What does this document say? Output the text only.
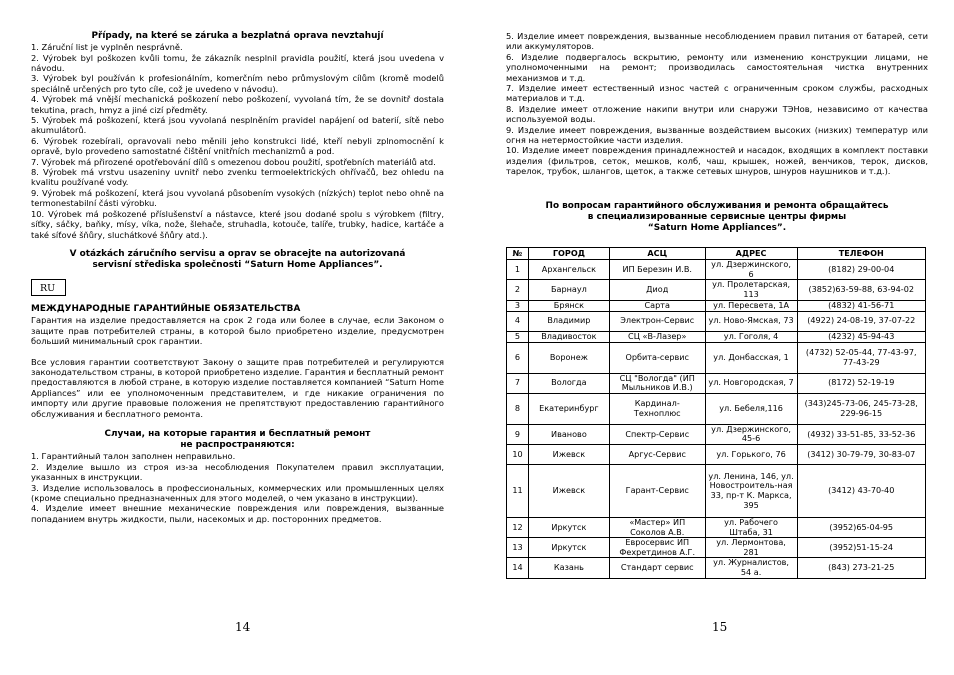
Případy, na které se záruka a bezplatná oprava nevztahují
1. Záruční list je vyplněn nesprávně.
2. Výrobek byl poškozen kvůli tomu, že zákazník nesplnil pravidla použití, která jsou uvedena v návodu.
3. Výrobek byl používán k profesionálním, komerčním nebo průmyslovým cílům (kromě modelů speciálně určených pro tyto cíle, což je uvedeno v návodu).
4. Výrobek má vnější mechanická poškození nebo poškození, vyvolaná tím, že se dovnitř dostala tekutina, prach, hmyz a jiné cizí předměty.
5. Výrobek má poškození, která jsou vyvolaná nesplněním pravidel napájení od baterií, sítě nebo akumulátorů.
6. Výrobek rozebírali, opravovali nebo měnili jeho konstrukci lidé, kteří nebyli zplnomocnění k opravě, bylo provedeno samostatné čištění vnitřních mechanizmů a pod.
7. Výrobek má přirozené opotřebování dílů s omezenou dobou použití, spotřebních materiálů atd.
8. Výrobek má vrstvu usazeniny uvnitř nebo zvenku termoelektrických ohřívačů, bez ohledu na kvalitu používané vody.
9. Výrobek má poškození, která jsou vyvolaná působením vysokých (nízkých) teplot nebo ohně na termonestabilní části výrobku.
10. Výrobek má poškozené příslušenství a nástavce, které jsou dodané spolu s výrobkem (filtry, síťky, sáčky, baňky, mísy, víka, nože, šlehače, struhadla, kotouče, talíře, trubky, hadice, kartáče a také síťové šňůry, sluchátkové šňůry atd.).
V otázkách záručního servisu a oprav se obracejte na autorizovaná servisní střediska společnosti “Saturn Home Appliances”.
RU
МЕЖДУНАРОДНЫЕ ГАРАНТИЙНЫЕ ОБЯЗАТЕЛЬСТВА

Гарантия на изделие предоставляется на срок 2 года или более в случае, если Законом о защите прав потребителей страны, в которой было приобретено изделие, предусмотрен больший минимальный срок гарантии.

Все условия гарантии соответствуют Закону о защите прав потребителей и регулируются законодательством страны, в которой приобретено изделие. Гарантия и бесплатный ремонт предоставляются в любой стране, в которую изделие поставляется компанией “Saturn Home Appliances” или ее уполномоченным представителем, и где никакие ограничения по импорту или другие правовые положения не препятствуют предоставлению гарантийного обслуживания и бесплатного ремонта.

Случаи, на которые гарантия и бесплатный ремонт
не распространяются:
1. Гарантийный талон заполнен неправильно.
2. Изделие вышло из строя из-за несоблюдения Покупателем правил эксплуатации, указанных в инструкции.
3. Изделие использовалось в профессиональных, коммерческих или промышленных целях (кроме специально предназначенных для этого моделей, о чем указано в инструкции).
4. Изделие имеет внешние механические повреждения или повреждения, вызванные попаданием внутрь жидкости, пыли, насекомых и др. посторонних предметов.
14
5. Изделие имеет повреждения, вызванные несоблюдением правил питания от батарей, сети или аккумуляторов.
6. Изделие подвергалось вскрытию, ремонту или изменению конструкции лицами, не уполномоченными на ремонт; производилась самостоятельная чистка внутренних механизмов и т.д.
7. Изделие имеет естественный износ частей с ограниченным сроком службы, расходных материалов и т.д.
8. Изделие имеет отложение накипи внутри или снаружи ТЭНов, независимо от качества используемой воды.
9. Изделие имеет повреждения, вызванные воздействием высоких (низких) температур или огня на нетермостойкие части изделия.
10. Изделие имеет повреждения принадлежностей и насадок, входящих в комплект поставки изделия (фильтров, сеток, мешков, колб, чаш, крышек, ножей, венчиков, терок, дисков, тарелок, трубок, шлангов, щеток, а также сетевых шнуров, шнуров наушников и т.д.).
По вопросам гарантийного обслуживания и ремонта обращайтесь
в специализированные сервисные центры фирмы
“Saturn Home Appliances”.
№	ГОРОД	АСЦ	АДРЕС	ТЕЛЕФОН
1	Архангельск	ИП Березин И.В.	ул. Дзержинского, 6	(8182) 29-00-04
2	Барнаул	Диод	ул. Пролетарская, 113	(3852)63-59-88, 63-94-02
3	Брянск	Сарта	ул. Пересвета, 1А	(4832) 41-56-71
4	Владимир	Электрон-Сервис	ул. Ново-Ямская, 73	(4922) 24-08-19, 37-07-22
5	Владивосток	СЦ «В-Лазер»	ул. Гоголя, 4	(4232) 45-94-43
6	Воронеж	Орбита-сервис	ул. Донбасская, 1	(4732) 52-05-44, 77-43-97, 77-43-29
7	Вологда	СЦ "Вологда" (ИП Мыльников И.В.)	ул. Новгородская, 7	(8172) 52-19-19
8	Екатеринбург	Кардинал-Техноплюс	ул. Бебеля,116	(343)245-73-06, 245-73-28, 229-96-15
9	Иваново	Спектр-Сервис	ул. Дзержинского, 45-6	(4932) 33-51-85, 33-52-36
10	Ижевск	Аргус-Сервис	ул. Горького, 76	(3412) 30-79-79, 30-83-07
11	Ижевск	Гарант-Сервис	ул. Ленина, 146, ул. Новостроитель-ная 33, пр-т К. Маркса, 395	(3412) 43-70-40
12	Иркутск	«Мастер» ИП Соколов А.В.	ул. Рабочего Штаба, 31	(3952)65-04-95
13	Иркутск	Евросервис ИП Фехретдинов А.Г.	ул. Лермонтова, 281	(3952)51-15-24
14	Казань	Стандарт сервис	ул. Журналистов, 54 а.	(843) 273-21-25
15
